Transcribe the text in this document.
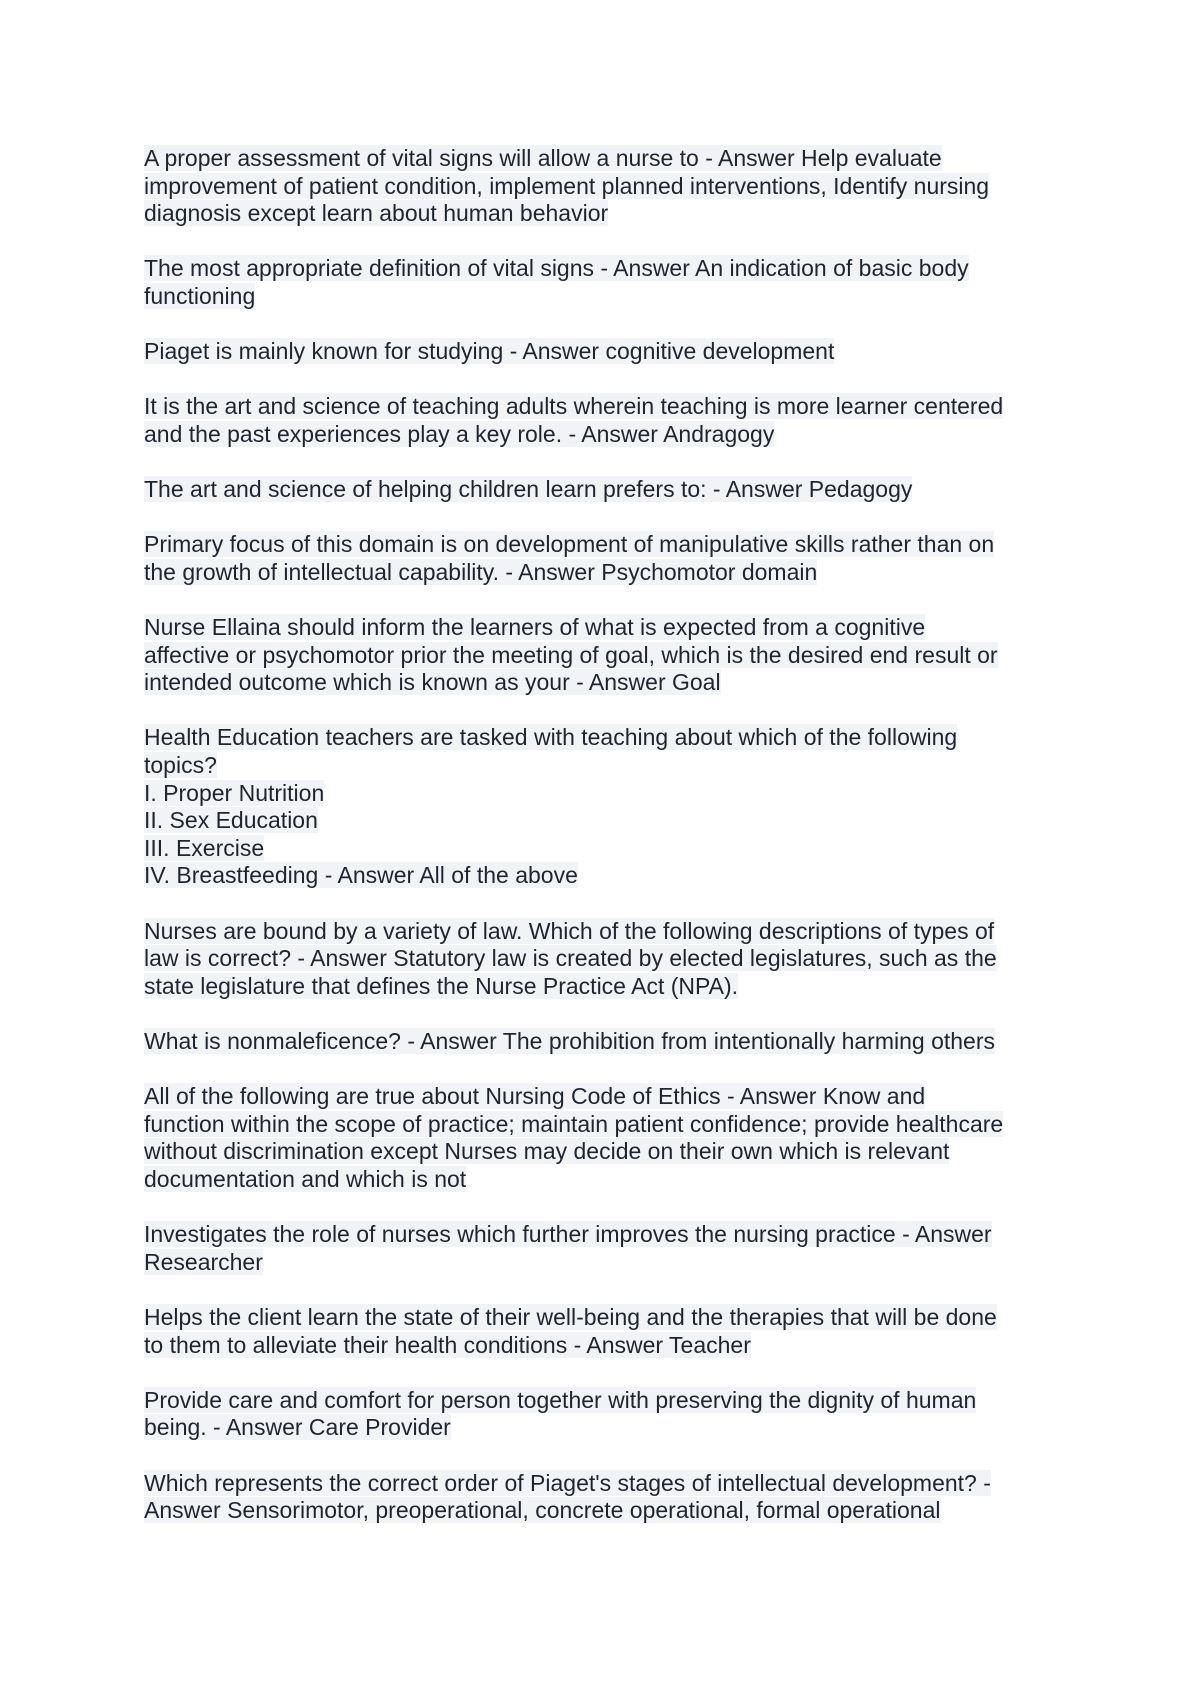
A proper assessment of vital signs will allow a nurse to - Answer Help evaluate
improvement of patient condition, implement planned interventions, Identify nursing
diagnosis except learn about human behavior
The most appropriate definition of vital signs - Answer An indication of basic body
functioning
Piaget is mainly known for studying - Answer cognitive development
It is the art and science of teaching adults wherein teaching is more learner centered
and the past experiences play a key role. - Answer Andragogy
The art and science of helping children learn prefers to: - Answer Pedagogy
Primary focus of this domain is on development of manipulative skills rather than on
the growth of intellectual capability. - Answer Psychomotor domain
Nurse Ellaina should inform the learners of what is expected from a cognitive
affective or psychomotor prior the meeting of goal, which is the desired end result or
intended outcome which is known as your - Answer Goal
Health Education teachers are tasked with teaching about which of the following
topics?
I. Proper Nutrition
II. Sex Education
III. Exercise
IV. Breastfeeding - Answer All of the above
Nurses are bound by a variety of law. Which of the following descriptions of types of
law is correct? - Answer Statutory law is created by elected legislatures, such as the
state legislature that defines the Nurse Practice Act (NPA).
What is nonmaleficence? - Answer The prohibition from intentionally harming others
All of the following are true about Nursing Code of Ethics - Answer Know and
function within the scope of practice; maintain patient confidence; provide healthcare
without discrimination except Nurses may decide on their own which is relevant
documentation and which is not
Investigates the role of nurses which further improves the nursing practice - Answer
Researcher
Helps the client learn the state of their well-being and the therapies that will be done
to them to alleviate their health conditions - Answer Teacher
Provide care and comfort for person together with preserving the dignity of human
being. - Answer Care Provider
Which represents the correct order of Piaget's stages of intellectual development? -
Answer Sensorimotor, preoperational, concrete operational, formal operational
